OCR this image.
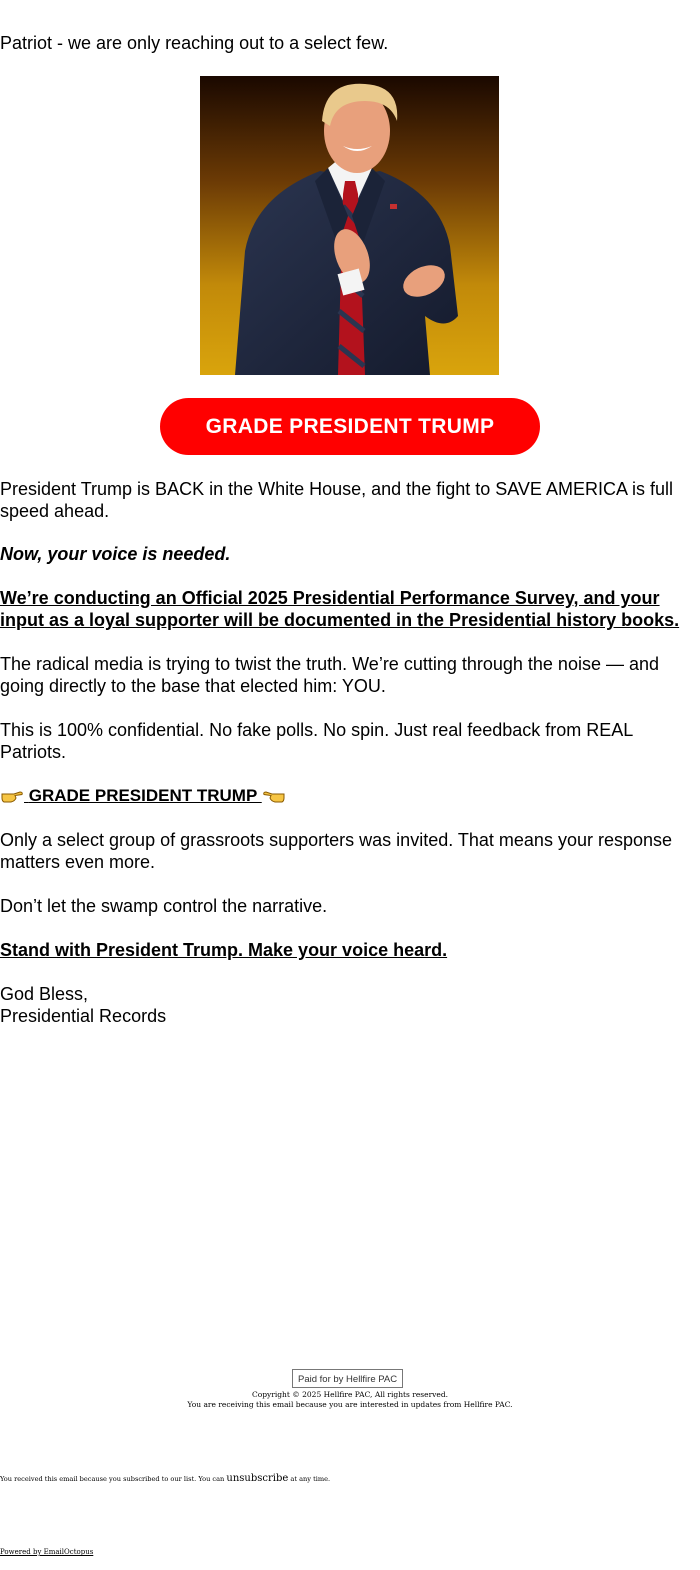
Patriot - we are only reaching out to a select few.

GRADE PRESIDENT TRUMP

President Trump is BACK in the White House, and the fight to SAVE AMERICA is full speed ahead.

Now, your voice is needed.

We’re conducting an Official 2025 Presidential Performance Survey, and your input as a loyal supporter will be documented in the Presidential history books.

The radical media is trying to twist the truth. We’re cutting through the noise — and going directly to the base that elected him: YOU.

This is 100% confidential. No fake polls. No spin. Just real feedback from REAL Patriots.

GRADE PRESIDENT TRUMP

Only a select group of grassroots supporters was invited. That means your response matters even more.

Don’t let the swamp control the narrative.

Stand with President Trump. Make your voice heard.

God Bless,
Presidential Records

Paid for by Hellfire PAC
Copyright © 2025 Hellfire PAC, All rights reserved.
You are receiving this email because you are interested in updates from Hellfire PAC.
You received this email because you subscribed to our list. You can unsubscribe at any time.
Powered by EmailOctopus
